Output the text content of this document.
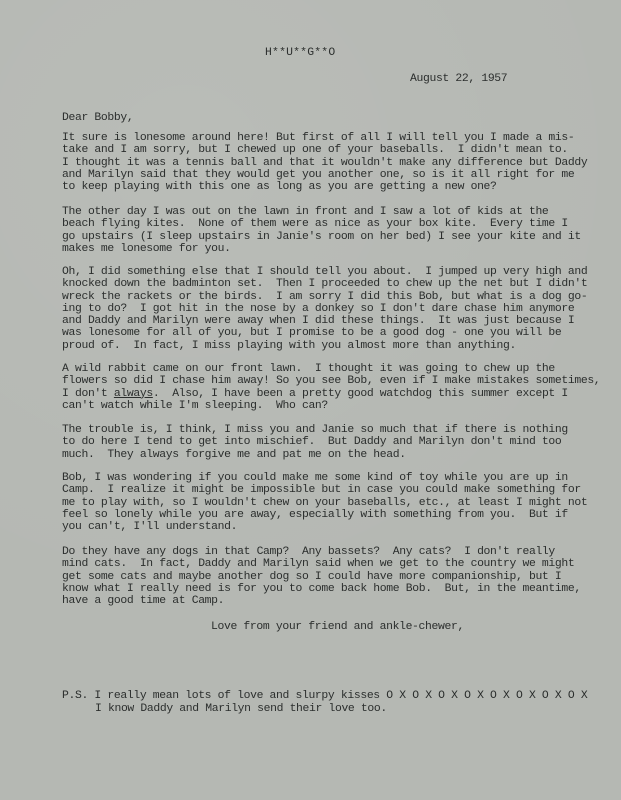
H**U**G**O
August 22, 1957
Dear Bobby,
It sure is lonesome around here! But first of all I will tell you I made a mis-
take and I am sorry, but I chewed up one of your baseballs.  I didn't mean to.
I thought it was a tennis ball and that it wouldn't make any difference but Daddy
and Marilyn said that they would get you another one, so is it all right for me
to keep playing with this one as long as you are getting a new one?
The other day I was out on the lawn in front and I saw a lot of kids at the
beach flying kites.  None of them were as nice as your box kite.  Every time I
go upstairs (I sleep upstairs in Janie's room on her bed) I see your kite and it
makes me lonesome for you.
Oh, I did something else that I should tell you about.  I jumped up very high and
knocked down the badminton set.  Then I proceeded to chew up the net but I didn't
wreck the rackets or the birds.  I am sorry I did this Bob, but what is a dog go-
ing to do?  I got hit in the nose by a donkey so I don't dare chase him anymore
and Daddy and Marilyn were away when I did these things.  It was just because I
was lonesome for all of you, but I promise to be a good dog - one you will be
proud of.  In fact, I miss playing with you almost more than anything.
A wild rabbit came on our front lawn.  I thought it was going to chew up the
flowers so did I chase him away! So you see Bob, even if I make mistakes sometimes,
I don't always.  Also, I have been a pretty good watchdog this summer except I
can't watch while I'm sleeping.  Who can?
The trouble is, I think, I miss you and Janie so much that if there is nothing
to do here I tend to get into mischief.  But Daddy and Marilyn don't mind too
much.  They always forgive me and pat me on the head.
Bob, I was wondering if you could make me some kind of toy while you are up in
Camp.  I realize it might be impossible but in case you could make something for
me to play with, so I wouldn't chew on your baseballs, etc., at least I might not
feel so lonely while you are away, especially with something from you.  But if
you can't, I'll understand.
Do they have any dogs in that Camp?  Any bassets?  Any cats?  I don't really
mind cats.  In fact, Daddy and Marilyn said when we get to the country we might
get some cats and maybe another dog so I could have more companionship, but I
know what I really need is for you to come back home Bob.  But, in the meantime,
have a good time at Camp.
Love from your friend and ankle-chewer,
P.S. I really mean lots of love and slurpy kisses O X O X O X O X O X O X O X O X
I know Daddy and Marilyn send their love too.
